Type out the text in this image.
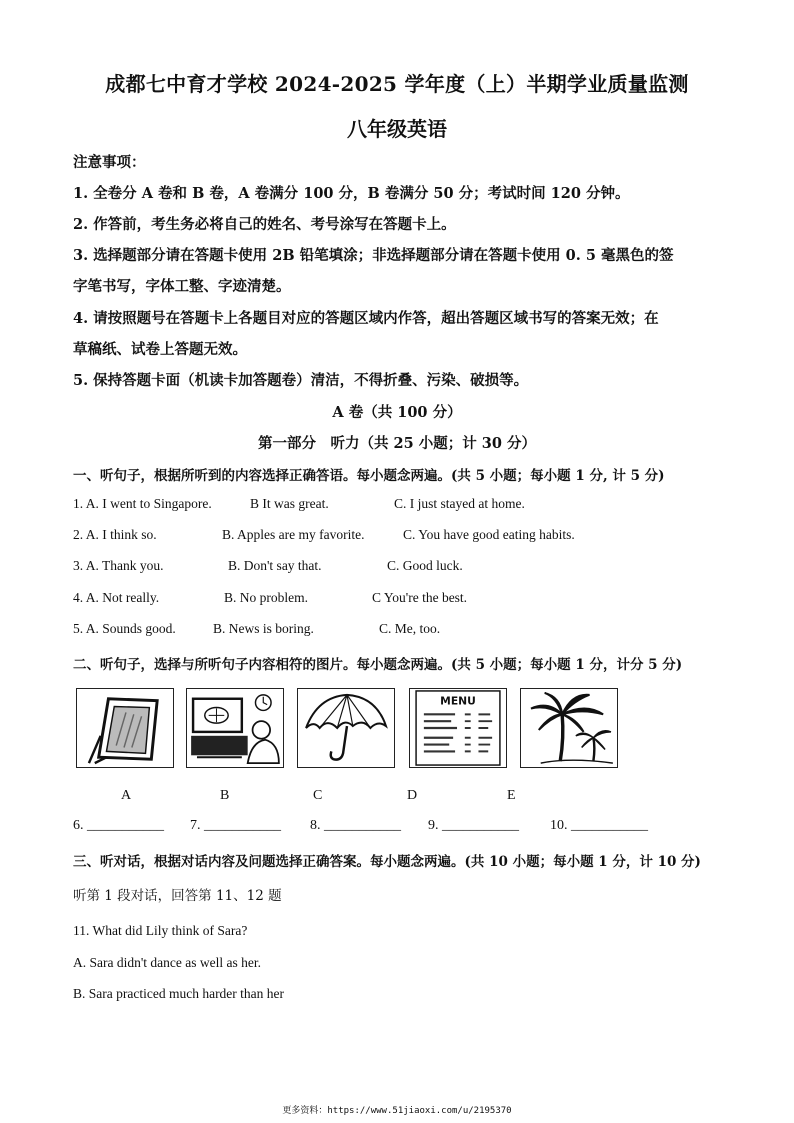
成都七中育才学校 2024-2025 学年度（上）半期学业质量监测
八年级英语
注意事项：
1. 全卷分 A 卷和 B 卷，A 卷满分 100 分，B 卷满分 50 分；考试时间 120 分钟。
2. 作答前，考生务必将自己的姓名、考号涂写在答题卡上。
3. 选择题部分请在答题卡使用 2B 铅笔填涂；非选择题部分请在答题卡使用 0. 5 毫黑色的签
字笔书写，字体工整、字迹清楚。
4. 请按照题号在答题卡上各题目对应的答题区域内作答，超出答题区域书写的答案无效；在
草稿纸、试卷上答题无效。
5. 保持答题卡面（机读卡加答题卷）清洁，不得折叠、污染、破损等。
A 卷（共 100 分）
第一部分　听力（共 25 小题；计 30 分）
一、听句子，根据所听到的内容选择正确答语。每小题念两遍。(共 5 小题；每小题 1 分, 计 5 分)
1. A. I went to Singapore.	B It was great.	C. I just stayed at home.
2. A. I think so.	B. Apples are my favorite.	C. You have good eating habits.
3. A. Thank you.	B. Don't say that.	C. Good luck.
4. A. Not really.	B. No problem.	C You're the best.
5. A. Sounds good.	B. News is boring.	C. Me, too.
二、听句子，选择与所听句子内容相符的图片。每小题念两遍。(共 5 小题；每小题 1 分，计分 5 分)
MENU
A	B	C	D	E
6. ___________ 7. ___________ 8. ___________ 9. ___________ 10. ___________
三、听对话，根据对话内容及问题选择正确答案。每小题念两遍。(共 10 小题；每小题 1 分，计 10 分)
听第 1 段对话，回答第 11、12 题
11. What did Lily think of Sara?
A. Sara didn't dance as well as her.
B. Sara practiced much harder than her
更多资料：https://www.51jiaoxi.com/u/2195370
